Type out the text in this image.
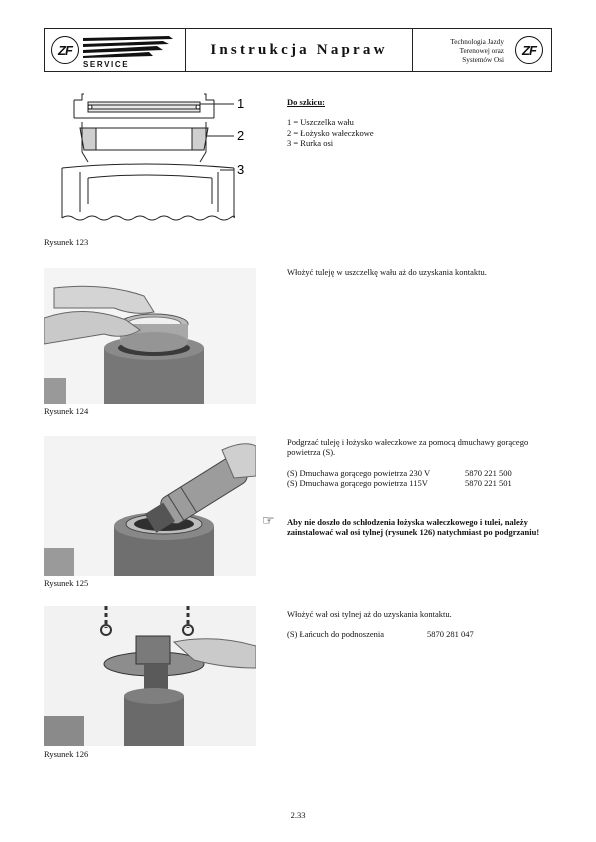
ZF
SERVICE
Instrukcja Napraw	Technologia Jazdy
Terenowej oraz
Systemów Osi
ZF
1
2
3
Rysunek 123

Do szkicu:

1 = Uszczelka wału

2 = Łożysko wałeczkowe

3 = Rurka osi

Rysunek 124
Włożyć tuleję w uszczelkę wału aż do uzyskania kontaktu.
Rysunek 125

Podgrzać tuleję i łożysko wałeczkowe za pomocą dmuchawy gorącego powietrza (S).

(S) Dmuchawa gorącego powietrza 230 V	5870 221 500
(S) Dmuchawa gorącego powietrza 115V	5870 221 501
☞	Aby nie doszło do schłodzenia łożyska wałeczkowego i tulei, należy zainstalować wał osi tylnej (rysunek 126) natychmiast po podgrzaniu!
Rysunek 126

Włożyć wał osi tylnej aż do uzyskania kontaktu.

(S) Łańcuch do podnoszenia	5870 281 047
2.33
